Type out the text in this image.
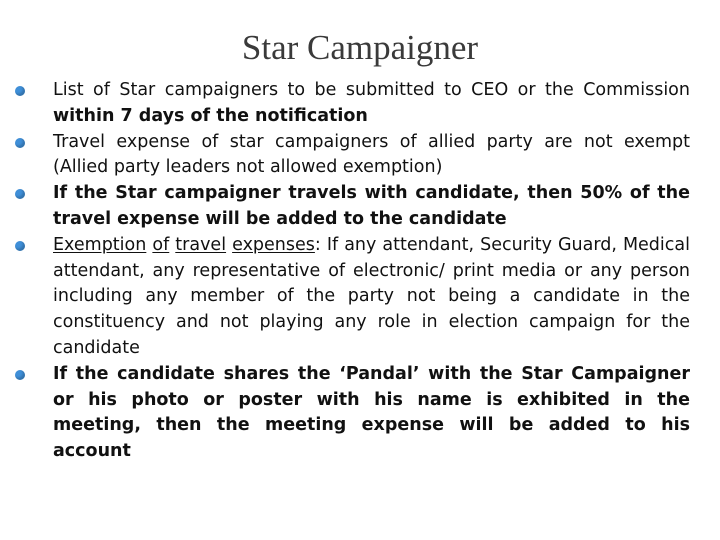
Star Campaigner
List of Star campaigners to be submitted to CEO or the Commission within 7 days of the notification
Travel expense of star campaigners of allied party are not exempt (Allied party leaders not allowed exemption)
If the Star campaigner travels with candidate, then 50% of the travel expense will be added to the candidate
Exemption of travel expenses: If any attendant, Security Guard, Medical attendant, any representative of electronic/ print media or any person including any member of the party not being a candidate in the constituency and not playing any role in election campaign for the candidate
If the candidate shares the ‘Pandal’ with the Star Campaigner or his photo or poster with his name is exhibited in the meeting, then the meeting expense will be added to his account
